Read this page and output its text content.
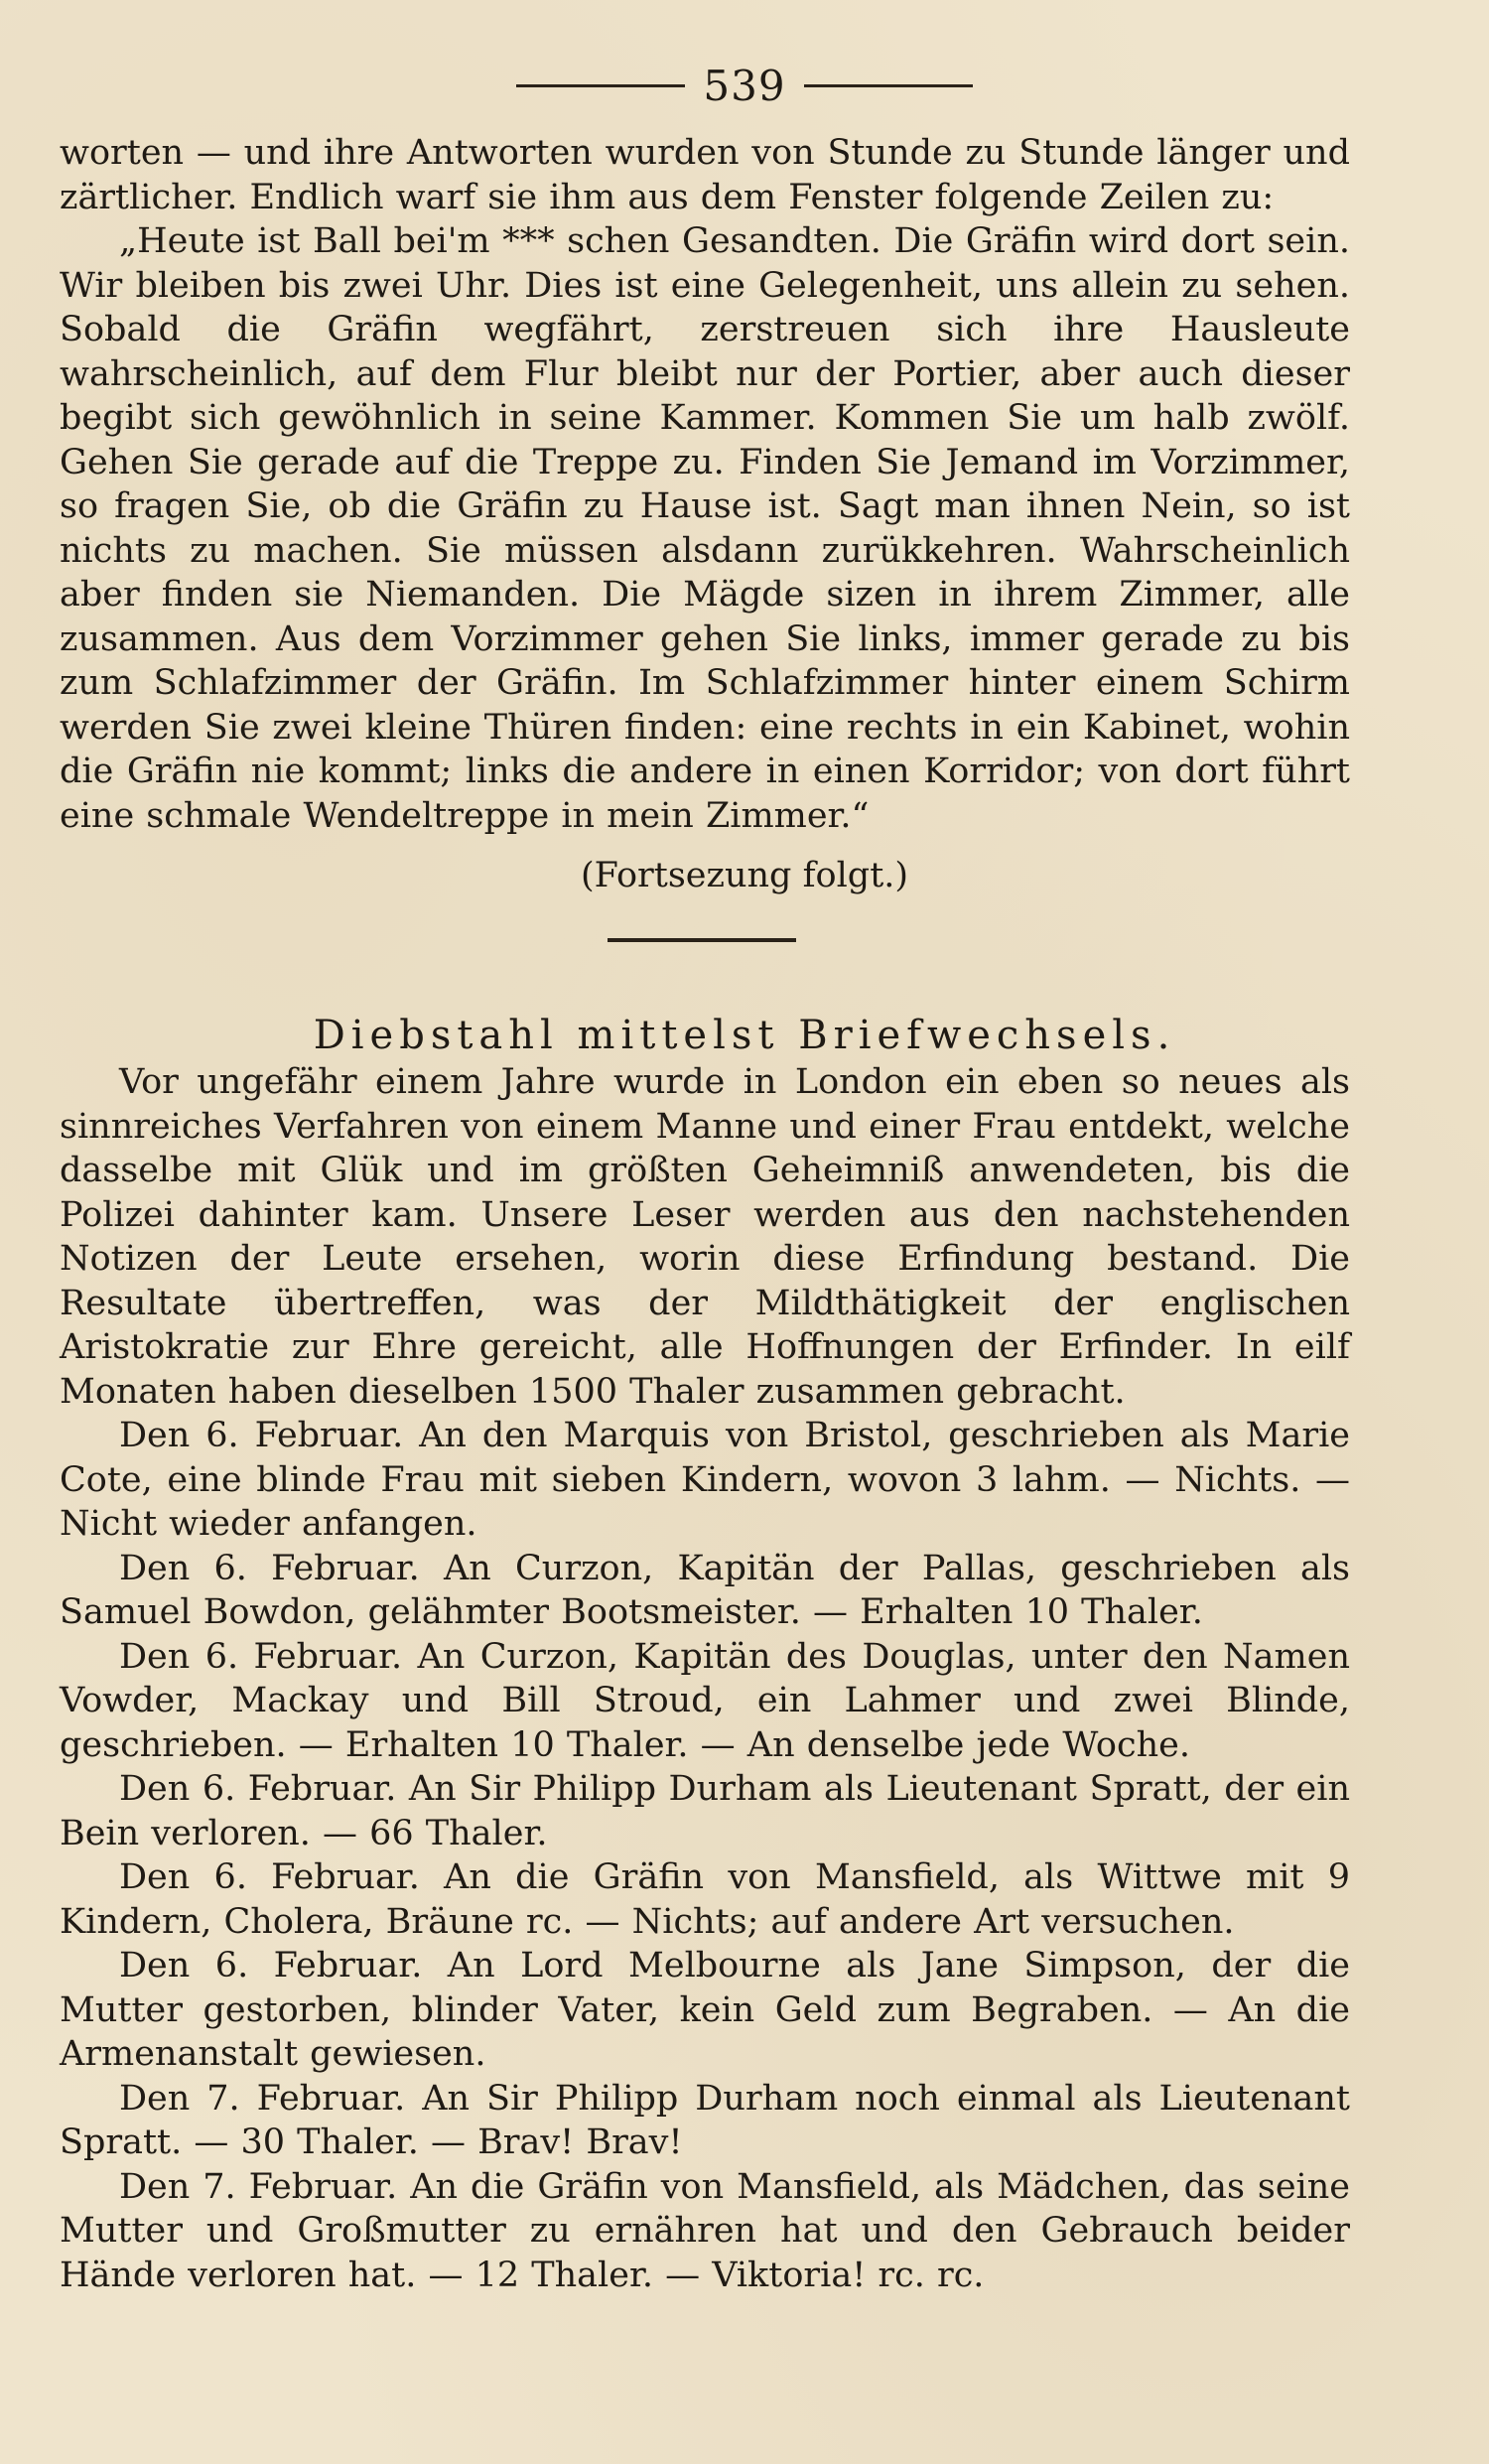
539

worten — und ihre Antworten wurden von Stunde zu Stunde länger und zärtlicher. Endlich warf sie ihm aus dem Fenster folgende Zeilen zu:

„Heute ist Ball bei'm *** schen Gesandten. Die Gräfin wird dort sein. Wir bleiben bis zwei Uhr. Dies ist eine Gelegenheit, uns allein zu sehen. Sobald die Gräfin wegfährt, zerstreuen sich ihre Hausleute wahrscheinlich, auf dem Flur bleibt nur der Portier, aber auch dieser begibt sich gewöhnlich in seine Kammer. Kommen Sie um halb zwölf. Gehen Sie gerade auf die Treppe zu. Finden Sie Jemand im Vorzimmer, so fragen Sie, ob die Gräfin zu Hause ist. Sagt man ihnen Nein, so ist nichts zu machen. Sie müssen alsdann zurükkehren. Wahrscheinlich aber finden sie Niemanden. Die Mägde sizen in ihrem Zimmer, alle zusammen. Aus dem Vorzimmer gehen Sie links, immer gerade zu bis zum Schlafzimmer der Gräfin. Im Schlafzimmer hinter einem Schirm werden Sie zwei kleine Thüren finden: eine rechts in ein Kabinet, wohin die Gräfin nie kommt; links die andere in einen Korridor; von dort führt eine schmale Wendeltreppe in mein Zimmer.“

(Fortsezung folgt.)
Diebstahl mittelst Briefwechsels.

Vor ungefähr einem Jahre wurde in London ein eben so neues als sinnreiches Verfahren von einem Manne und einer Frau entdekt, welche dasselbe mit Glük und im größten Geheimniß anwendeten, bis die Polizei dahinter kam. Unsere Leser werden aus den nachstehenden Notizen der Leute ersehen, worin diese Erfindung bestand. Die Resultate übertreffen, was der Mildthätigkeit der englischen Aristokratie zur Ehre gereicht, alle Hoffnungen der Erfinder. In eilf Monaten haben dieselben 1500 Thaler zusammen gebracht.

Den 6. Februar. An den Marquis von Bristol, geschrieben als Marie Cote, eine blinde Frau mit sieben Kindern, wovon 3 lahm. — Nichts. — Nicht wieder anfangen.

Den 6. Februar. An Curzon, Kapitän der Pallas, geschrieben als Samuel Bowdon, gelähmter Bootsmeister. — Erhalten 10 Thaler.

Den 6. Februar. An Curzon, Kapitän des Douglas, unter den Namen Vowder, Mackay und Bill Stroud, ein Lahmer und zwei Blinde, geschrieben. — Erhalten 10 Thaler. — An denselbe jede Woche.

Den 6. Februar. An Sir Philipp Durham als Lieutenant Spratt, der ein Bein verloren. — 66 Thaler.

Den 6. Februar. An die Gräfin von Mansfield, als Wittwe mit 9 Kindern, Cholera, Bräune rc. — Nichts; auf andere Art versuchen.

Den 6. Februar. An Lord Melbourne als Jane Simpson, der die Mutter gestorben, blinder Vater, kein Geld zum Begraben. — An die Armenanstalt gewiesen.

Den 7. Februar. An Sir Philipp Durham noch einmal als Lieutenant Spratt. — 30 Thaler. — Brav! Brav!

Den 7. Februar. An die Gräfin von Mansfield, als Mädchen, das seine Mutter und Großmutter zu ernähren hat und den Gebrauch beider Hände verloren hat. — 12 Thaler. — Viktoria! rc. rc.
